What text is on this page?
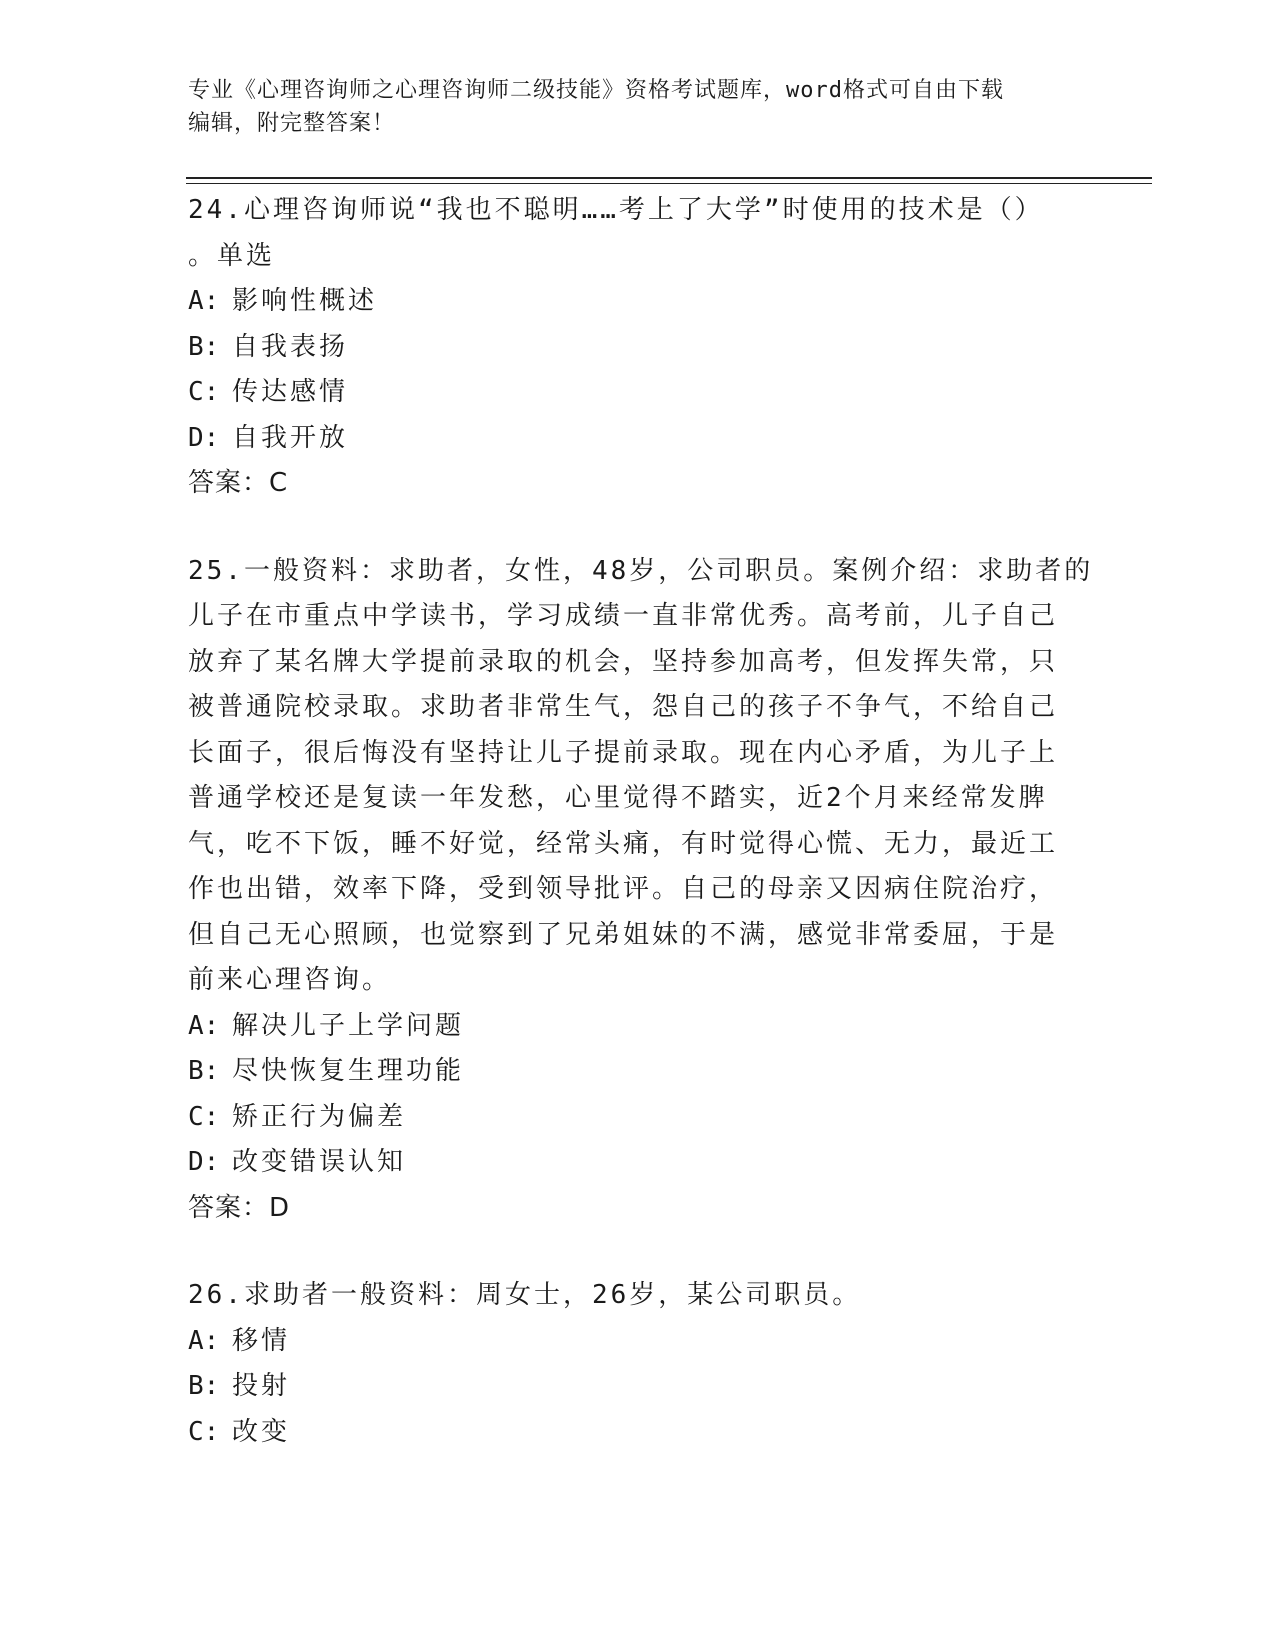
专业《心理咨询师之心理咨询师二级技能》资格考试题库，word格式可自由下载
编辑，附完整答案！
24.心理咨询师说“我也不聪明……考上了大学”时使用的技术是（）
。单选
A: 影响性概述
B: 自我表扬
C: 传达感情
D: 自我开放
答案：C
25.一般资料：求助者，女性，48岁，公司职员。案例介绍：求助者的
儿子在市重点中学读书，学习成绩一直非常优秀。高考前，儿子自己
放弃了某名牌大学提前录取的机会，坚持参加高考，但发挥失常，只
被普通院校录取。求助者非常生气，怨自己的孩子不争气，不给自己
长面子，很后悔没有坚持让儿子提前录取。现在内心矛盾，为儿子上
普通学校还是复读一年发愁，心里觉得不踏实，近2个月来经常发脾
气，吃不下饭，睡不好觉，经常头痛，有时觉得心慌、无力，最近工
作也出错，效率下降，受到领导批评。自己的母亲又因病住院治疗，
但自己无心照顾，也觉察到了兄弟姐妹的不满，感觉非常委屈，于是
前来心理咨询。
A: 解决儿子上学问题
B: 尽快恢复生理功能
C: 矫正行为偏差
D: 改变错误认知
答案：D
26.求助者一般资料：周女士，26岁，某公司职员。
A: 移情
B: 投射
C: 改变
